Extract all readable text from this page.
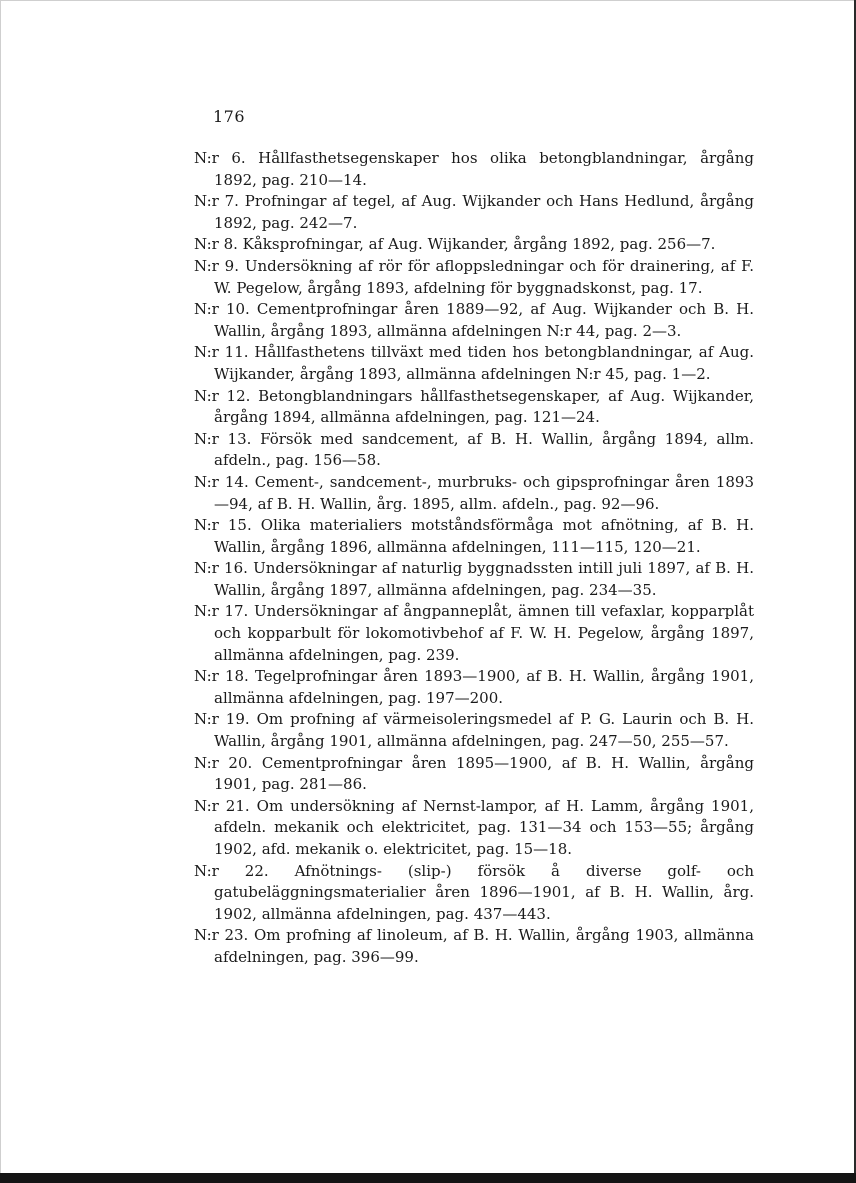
176
N:r 6. Hållfasthetsegenskaper hos olika betongblandningar, årgång 1892, pag. 210—14.
N:r 7. Profningar af tegel, af Aug. Wijkander och Hans Hedlund, årgång 1892, pag. 242—7.
N:r 8. Kåksprofningar, af Aug. Wijkander, årgång 1892, pag. 256—7.
N:r 9. Undersökning af rör för afloppsledningar och för drainering, af F. W. Pegelow, årgång 1893, afdelning för byggnadskonst, pag. 17.
N:r 10. Cementprofningar åren 1889—92, af Aug. Wijkander och B. H. Wallin, årgång 1893, allmänna afdelningen N:r 44, pag. 2—3.
N:r 11. Hållfasthetens tillväxt med tiden hos betongblandningar, af Aug. Wijkander, årgång 1893, allmänna afdelningen N:r 45, pag. 1—2.
N:r 12. Betongblandningars hållfasthetsegenskaper, af Aug. Wijkander, årgång 1894, allmänna afdelningen, pag. 121—24.
N:r 13. Försök med sandcement, af B. H. Wallin, årgång 1894, allm. afdeln., pag. 156—58.
N:r 14. Cement-, sandcement-, murbruks- och gipsprofningar åren 1893 —94, af B. H. Wallin, årg. 1895, allm. afdeln., pag. 92—96.
N:r 15. Olika materialiers motståndsförmåga mot afnötning, af B. H. Wallin, årgång 1896, allmänna afdelningen, 111—115, 120—21.
N:r 16. Undersökningar af naturlig byggnadssten intill juli 1897, af B. H. Wallin, årgång 1897, allmänna afdelningen, pag. 234—35.
N:r 17. Undersökningar af ångpanneplåt, ämnen till vefaxlar, kopparplåt och kopparbult för lokomotivbehof af F. W. H. Pegelow, årgång 1897, allmänna afdelningen, pag. 239.
N:r 18. Tegelprofningar åren 1893—1900, af B. H. Wallin, årgång 1901, allmänna afdelningen, pag. 197—200.
N:r 19. Om profning af värmeisoleringsmedel af P. G. Laurin och B. H. Wallin, årgång 1901, allmänna afdelningen, pag. 247—50, 255—57.
N:r 20. Cementprofningar åren 1895—1900, af B. H. Wallin, årgång 1901, pag. 281—86.
N:r 21. Om undersökning af Nernst-lampor, af H. Lamm, årgång 1901, afdeln. mekanik och elektricitet, pag. 131—34 och 153—55; årgång 1902, afd. mekanik o. elektricitet, pag. 15—18.
N:r 22. Afnötnings- (slip-) försök å diverse golf- och gatubeläggningsmaterialier åren 1896—1901, af B. H. Wallin, årg. 1902, allmänna afdelningen, pag. 437—443.
N:r 23. Om profning af linoleum, af B. H. Wallin, årgång 1903, allmänna afdelningen, pag. 396—99.
